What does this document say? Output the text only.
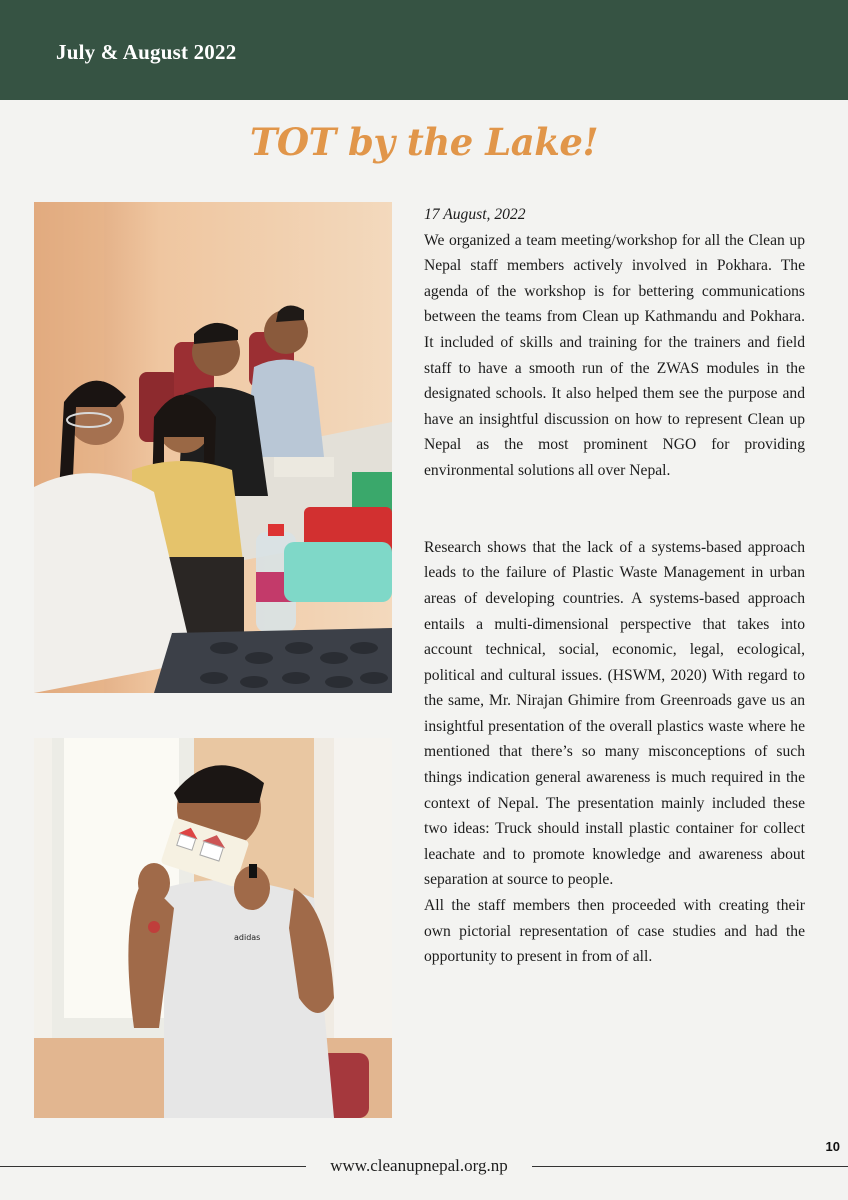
July & August 2022
TOT by the Lake!
adidas

17 August, 2022

We organized a team meeting/workshop for all the Clean up Nepal staff members actively involved in Pokhara. The agenda of the workshop is for bettering communications between the teams from Clean up Kathmandu and Pokhara. It included of skills and training for the trainers and field staff to have a smooth run of the ZWAS modules in the designated schools. It also helped them see the purpose and have an insightful discussion on how to represent Clean up Nepal as the most prominent NGO for providing environmental solutions all over Nepal.

Research shows that the lack of a systems-based approach leads to the failure of Plastic Waste Management in urban areas of developing countries. A systems-based approach entails a multi-dimensional perspective that takes into account technical, social, economic, legal, ecological, political and cultural issues. (HSWM, 2020) With regard to the same, Mr. Nirajan Ghimire from Greenroads gave us an insightful presentation of the overall plastics waste where he mentioned that there’s so many misconceptions of such things indication general awareness is much required in the context of Nepal. The presentation mainly included these two ideas: Truck should install plastic container for collect leachate and to promote knowledge and awareness about separation at source to people.

All the staff members then proceeded with creating their own pictorial representation of case studies and had the opportunity to present in from of all.

10
www.cleanupnepal.org.np
